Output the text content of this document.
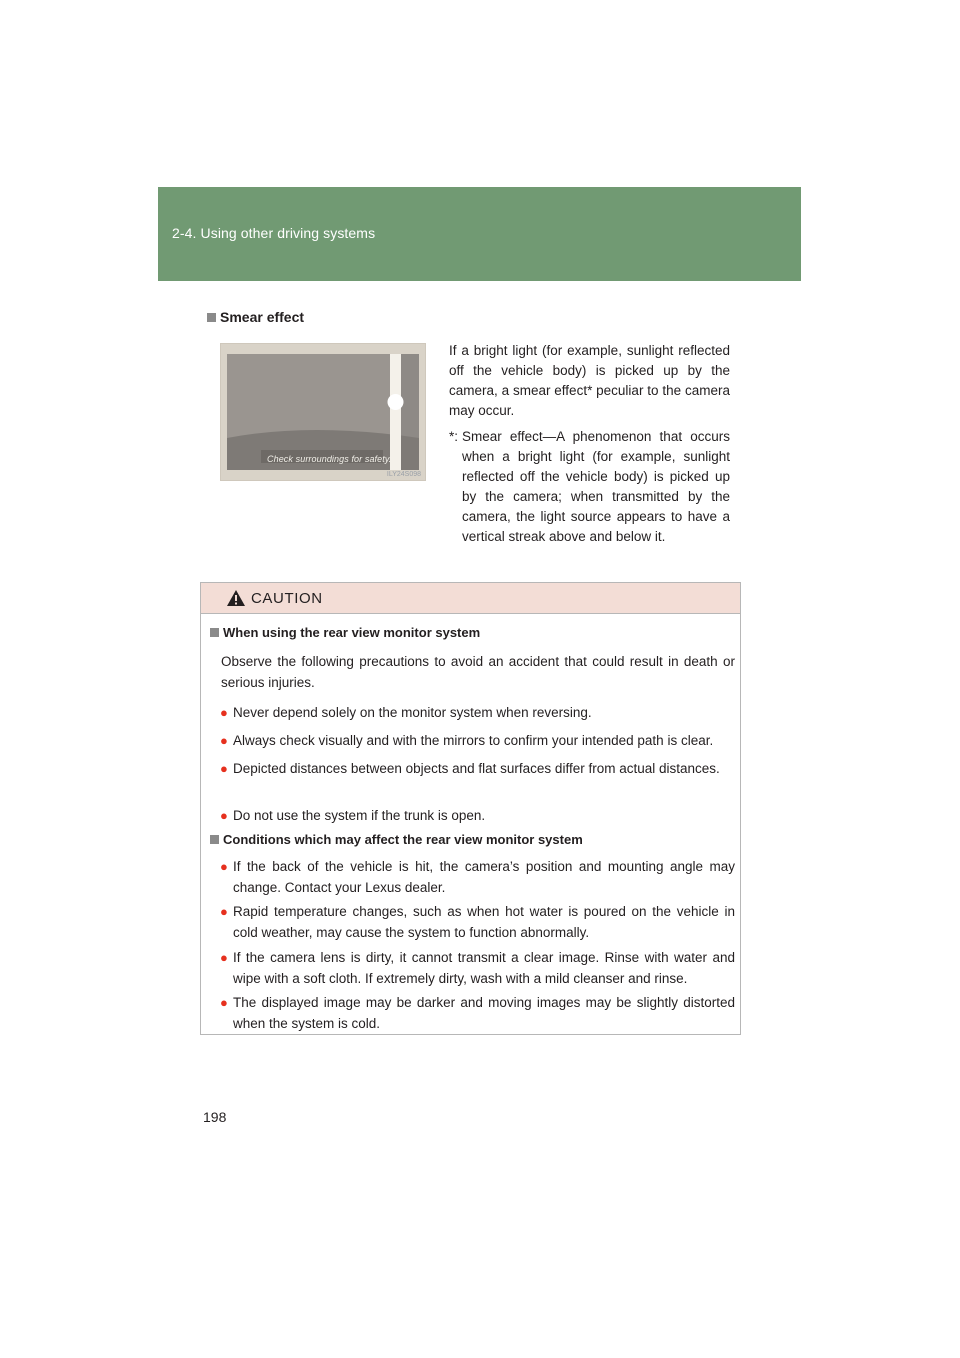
2-4. Using other driving systems
Smear effect
Check surroundings for safety.
ILY24S098

If a bright light (for example, sunlight reflected off the vehicle body) is picked up by the camera, a smear effect* peculiar to the camera may occur.

*: Smear effect—A phenomenon that occurs when a bright light (for example, sunlight reflected off the vehicle body) is picked up by the camera; when transmitted by the camera, the light source appears to have a vertical streak above and below it.
CAUTION
When using the rear view monitor system

Observe the following precautions to avoid an accident that could result in death or serious injuries.

● Never depend solely on the monitor system when reversing.
● Always check visually and with the mirrors to confirm your intended path is clear.
● Depicted distances between objects and flat surfaces differ from actual distances.
● Do not use the system if the trunk is open.
Conditions which may affect the rear view monitor system
● If the back of the vehicle is hit, the camera’s position and mounting angle may change. Contact your Lexus dealer.
● Rapid temperature changes, such as when hot water is poured on the vehicle in cold weather, may cause the system to function abnormally.
● If the camera lens is dirty, it cannot transmit a clear image. Rinse with water and wipe with a soft cloth. If extremely dirty, wash with a mild cleanser and rinse.
● The displayed image may be darker and moving images may be slightly distorted when the system is cold.
198
